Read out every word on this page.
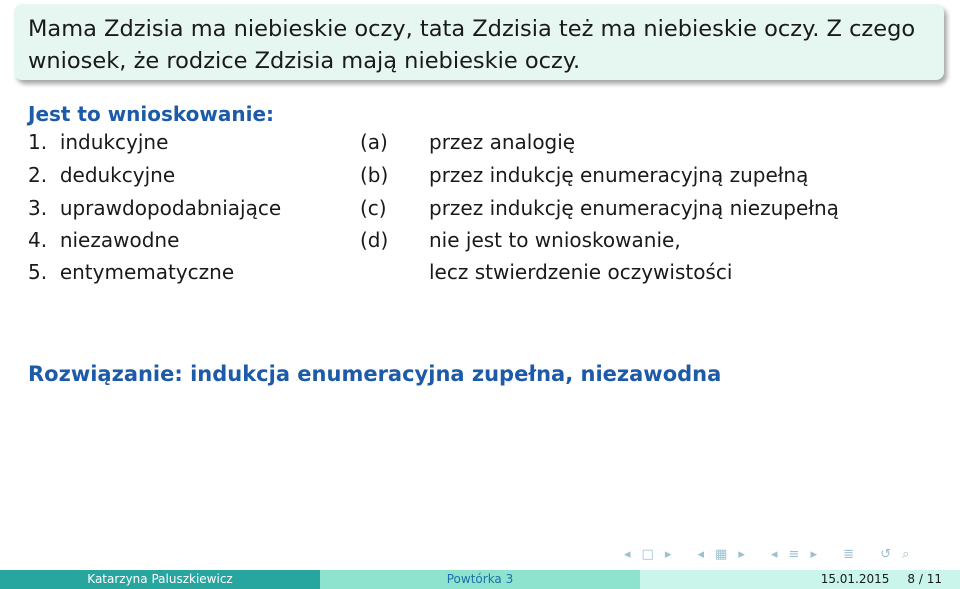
Mama Zdzisia ma niebieskie oczy, tata Zdzisia też ma niebieskie oczy. Z czego
wniosek, że rodzice Zdzisia mają niebieskie oczy.
Jest to wnioskowanie:
1. indukcyjne	(a) przez analogię
2. dedukcyjne	(b) przez indukcję enumeracyjną zupełną
3. uprawdopodabniające	(c) przez indukcję enumeracyjną niezupełną
4. niezawodne	(d) nie jest to wnioskowanie,
5. entymematyczne	lecz stwierdzenie oczywistości
Rozwiązanie: indukcja enumeracyjna zupełna, niezawodna
◂ □ ▸ ◂ ▦ ▸ ◂ ≡ ▸ ≣ ↺ ⌕
Katarzyna Paluszkiewicz	Powtórka 3	15.01.2015 8 / 11
